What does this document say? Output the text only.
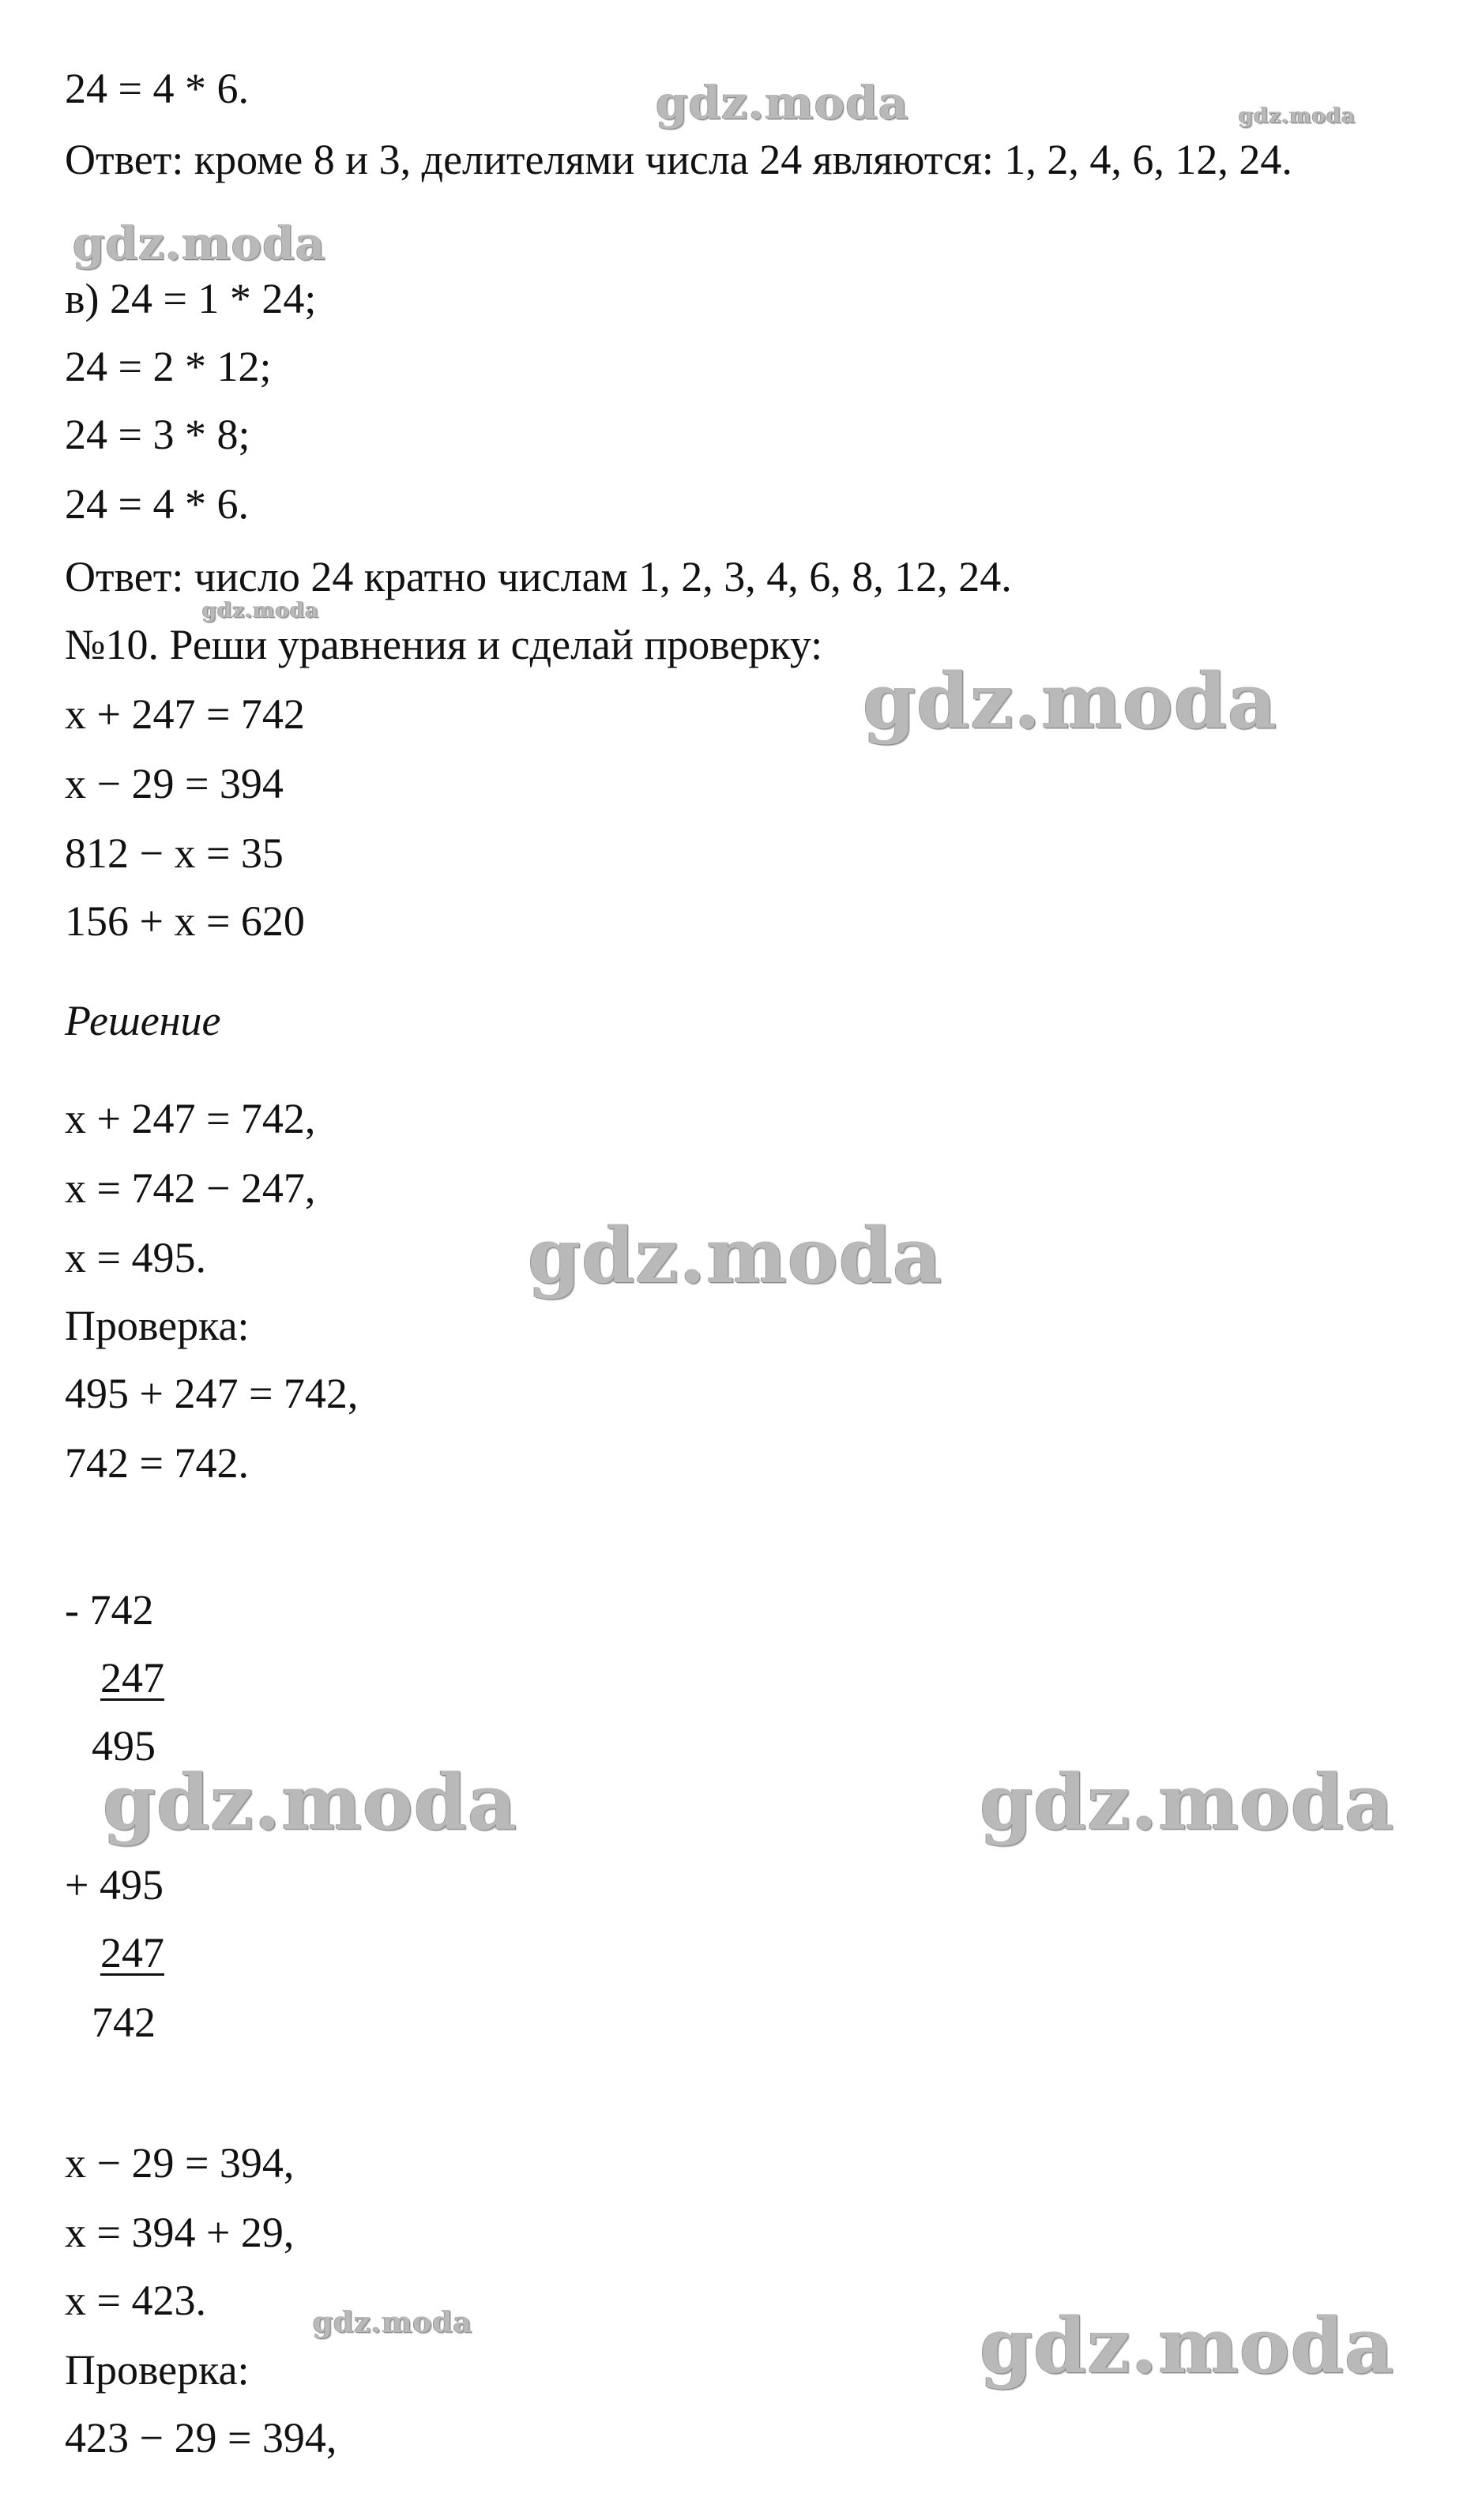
gdz.moda	gdz.moda
gdz.moda
gdz.moda
gdz.moda
gdz.moda
gdz.moda	gdz.moda
gdz.moda	gdz.moda
24 = 4 * 6.
Ответ: кроме 8 и 3, делителями числа 24 являются: 1, 2, 4, 6, 12, 24.
в) 24 = 1 * 24;
24 = 2 * 12;
24 = 3 * 8;
24 = 4 * 6.
Ответ: число 24 кратно числам 1, 2, 3, 4, 6, 8, 12, 24.
№10. Реши уравнения и сделай проверку:
x + 247 = 742
x − 29 = 394
812 − x = 35
156 + x = 620
Решение
x + 247 = 742,
x = 742 − 247,
x = 495.
Проверка:
495 + 247 = 742,
742 = 742.
- 742
247
495
+ 495
247
742
x − 29 = 394,
x = 394 + 29,
x = 423.
Проверка:
423 − 29 = 394,
